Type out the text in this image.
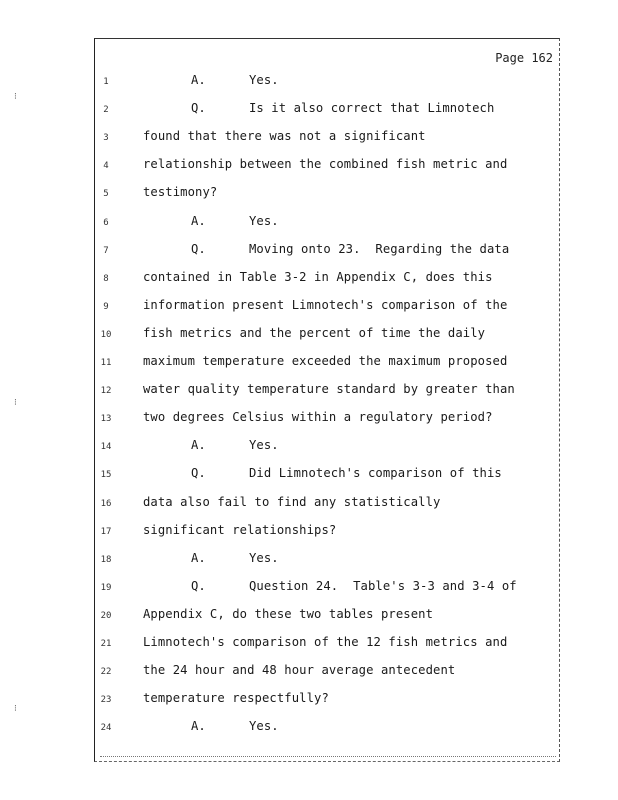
Page 162
1	A.	Yes.
2	Q.	Is it also correct that Limnotech
3	found that there was not a significant
4	relationship between the combined fish metric and
5	testimony?
6	A.	Yes.
7	Q.	Moving onto 23.  Regarding the data
8	contained in Table 3-2 in Appendix C, does this
9	information present Limnotech's comparison of the
10	fish metrics and the percent of time the daily
11	maximum temperature exceeded the maximum proposed
12	water quality temperature standard by greater than
13	two degrees Celsius within a regulatory period?
14	A.	Yes.
15	Q.	Did Limnotech's comparison of this
16	data also fail to find any statistically
17	significant relationships?
18	A.	Yes.
19	Q.	Question 24.  Table's 3-3 and 3-4 of
20	Appendix C, do these two tables present
21	Limnotech's comparison of the 12 fish metrics and
22	the 24 hour and 48 hour average antecedent
23	temperature respectfully?
24	A.	Yes.
⁝
⁝
⁝
